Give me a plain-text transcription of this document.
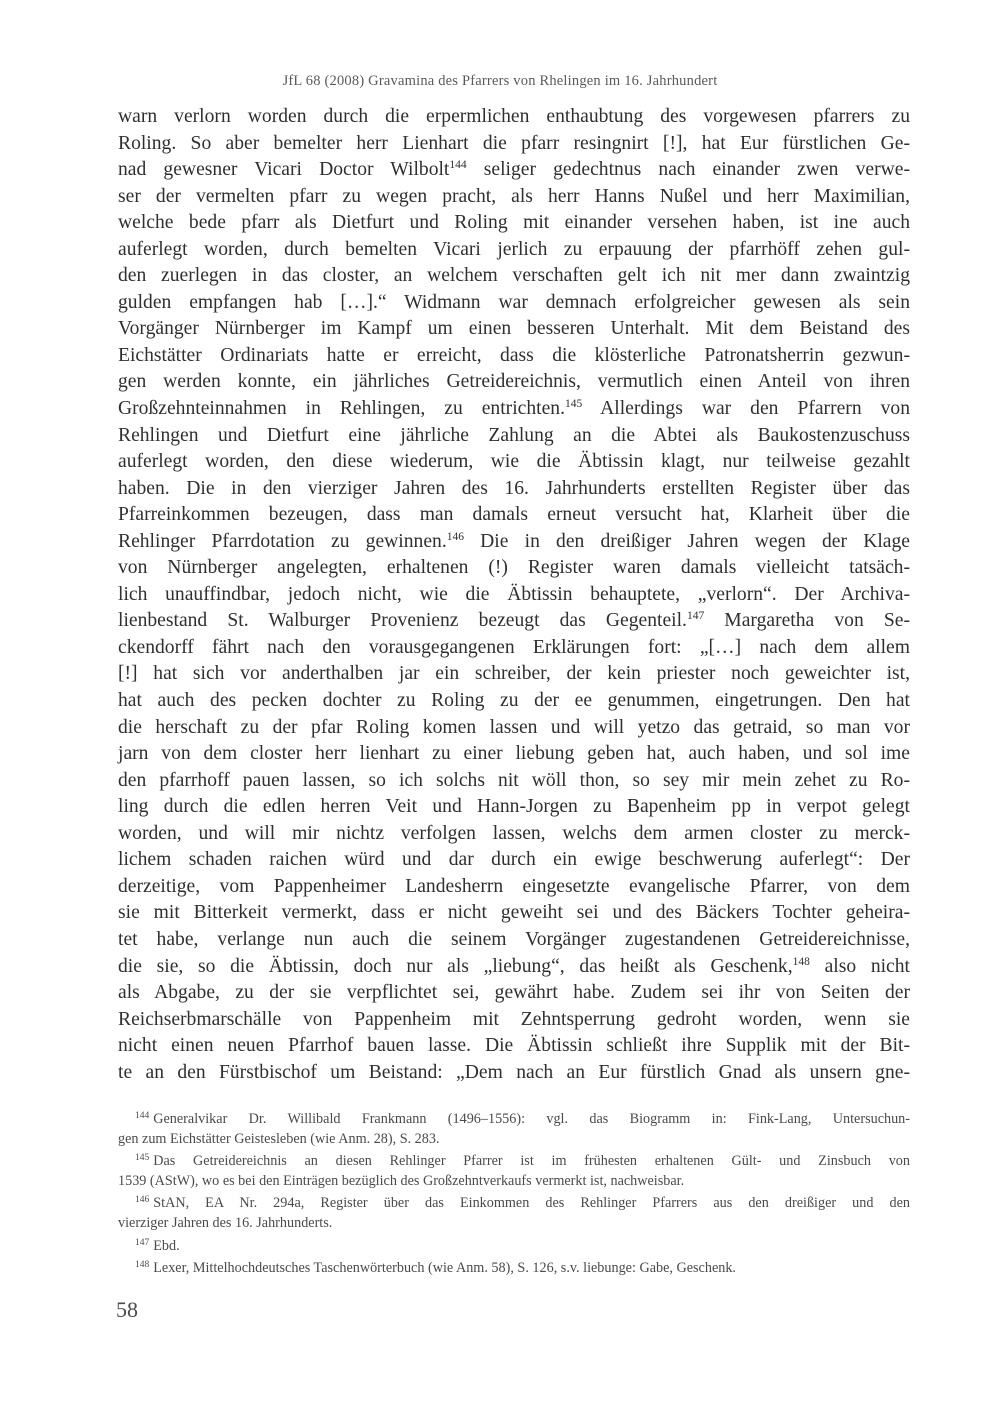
JfL 68 (2008) Gravamina des Pfarrers von Rhelingen im 16. Jahrhundert
warn verlorn worden durch die erpermlichen enthaubtung des vorgewesen pfarrers zu
Roling. So aber bemelter herr Lienhart die pfarr resingnirt [!], hat Eur fürstlichen Ge-
nad gewesner Vicari Doctor Wilbolt$^{144}$ seliger gedechtnus nach einander zwen verwe-
ser der vermelten pfarr zu wegen pracht, als herr Hanns Nußel und herr Maximilian,
welche bede pfarr als Dietfurt und Roling mit einander versehen haben, ist ine auch
auferlegt worden, durch bemelten Vicari jerlich zu erpauung der pfarrhöff zehen gul-
den zuerlegen in das closter, an welchem verschaften gelt ich nit mer dann zwaintzig
gulden empfangen hab […].“ Widmann war demnach erfolgreicher gewesen als sein
Vorgänger Nürnberger im Kampf um einen besseren Unterhalt. Mit dem Beistand des
Eichstätter Ordinariats hatte er erreicht, dass die klösterliche Patronatsherrin gezwun-
gen werden konnte, ein jährliches Getreidereichnis, vermutlich einen Anteil von ihren
Großzehnteinnahmen in Rehlingen, zu entrichten.$^{145}$ Allerdings war den Pfarrern von
Rehlingen und Dietfurt eine jährliche Zahlung an die Abtei als Baukostenzuschuss
auferlegt worden, den diese wiederum, wie die Äbtissin klagt, nur teilweise gezahlt
haben. Die in den vierziger Jahren des 16. Jahrhunderts erstellten Register über das
Pfarreinkommen bezeugen, dass man damals erneut versucht hat, Klarheit über die
Rehlinger Pfarrdotation zu gewinnen.$^{146}$ Die in den dreißiger Jahren wegen der Klage
von Nürnberger angelegten, erhaltenen (!) Register waren damals vielleicht tatsäch-
lich unauffindbar, jedoch nicht, wie die Äbtissin behauptete, „verlorn“. Der Archiva-
lienbestand St. Walburger Provenienz bezeugt das Gegenteil.$^{147}$ Margaretha von Se-
ckendorff fährt nach den vorausgegangenen Erklärungen fort: „[…] nach dem allem
[!] hat sich vor anderthalben jar ein schreiber, der kein priester noch geweichter ist,
hat auch des pecken dochter zu Roling zu der ee genummen, eingetrungen. Den hat
die herschaft zu der pfar Roling komen lassen und will yetzo das getraid, so man vor
jarn von dem closter herr lienhart zu einer liebung geben hat, auch haben, und sol ime
den pfarrhoff pauen lassen, so ich solchs nit wöll thon, so sey mir mein zehet zu Ro-
ling durch die edlen herren Veit und Hann-Jorgen zu Bapenheim pp in verpot gelegt
worden, und will mir nichtz verfolgen lassen, welchs dem armen closter zu merck-
lichem schaden raichen würd und dar durch ein ewige beschwerung auferlegt“: Der
derzeitige, vom Pappenheimer Landesherrn eingesetzte evangelische Pfarrer, von dem
sie mit Bitterkeit vermerkt, dass er nicht geweiht sei und des Bäckers Tochter geheira-
tet habe, verlange nun auch die seinem Vorgänger zugestandenen Getreidereichnisse,
die sie, so die Äbtissin, doch nur als „liebung“, das heißt als Geschenk,$^{148}$ also nicht
als Abgabe, zu der sie verpflichtet sei, gewährt habe. Zudem sei ihr von Seiten der
Reichserbmarschälle von Pappenheim mit Zehntsperrung gedroht worden, wenn sie
nicht einen neuen Pfarrhof bauen lasse. Die Äbtissin schließt ihre Supplik mit der Bit-
te an den Fürstbischof um Beistand: „Dem nach an Eur fürstlich Gnad als unsern gne-
$^{144}$ Generalvikar Dr. Willibald Frankmann (1496–1556): vgl. das Biogramm in: Fink-Lang, Untersuchun-
gen zum Eichstätter Geistesleben (wie Anm. 28), S. 283.
$^{145}$ Das Getreidereichnis an diesen Rehlinger Pfarrer ist im frühesten erhaltenen Gült- und Zinsbuch von
1539 (AStW), wo es bei den Einträgen bezüglich des Großzehntverkaufs vermerkt ist, nachweisbar.
$^{146}$ StAN, EA Nr. 294a, Register über das Einkommen des Rehlinger Pfarrers aus den dreißiger und den
vierziger Jahren des 16. Jahrhunderts.
$^{147}$ Ebd.
$^{148}$ Lexer, Mittelhochdeutsches Taschenwörterbuch (wie Anm. 58), S. 126, s.v. liebunge: Gabe, Geschenk.
58
